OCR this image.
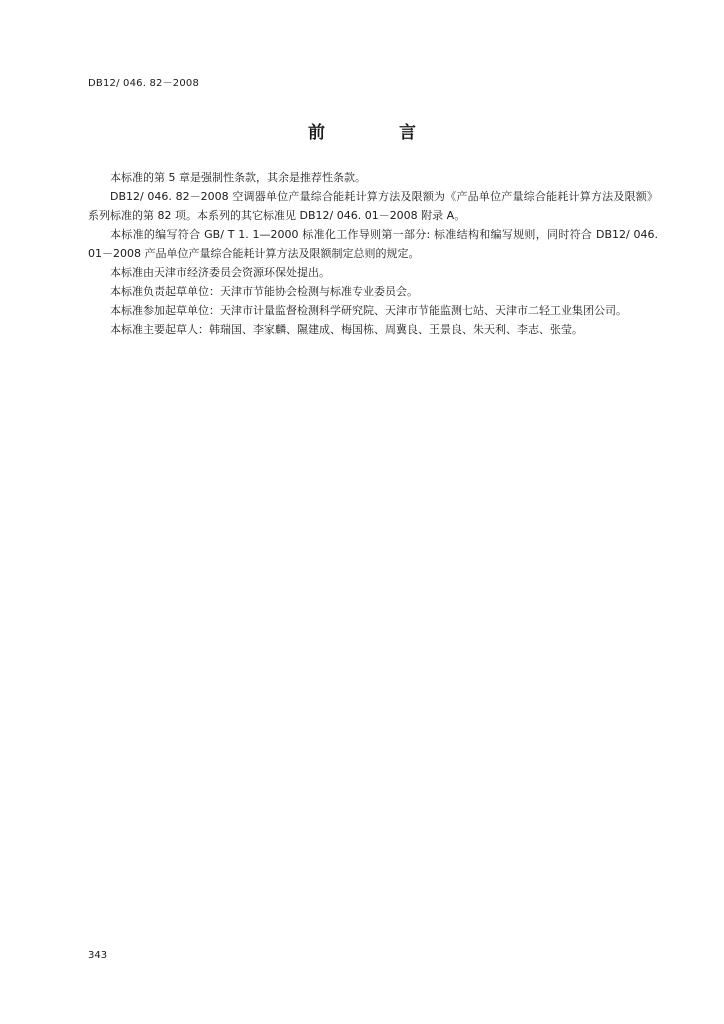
DB12/ 046. 82－2008
前 言

本标准的第 5 章是强制性条款，其余是推荐性条款。

DB12/ 046. 82－2008 空调器单位产量综合能耗计算方法及限额为《产品单位产量综合能耗计算方法及限额》系列标准的第 82 项。本系列的其它标准见 DB12/ 046. 01－2008 附录 A。

本标准的编写符合 GB/ T 1. 1—2000 标准化工作导则第一部分: 标准结构和编写规则，同时符合 DB12/ 046. 01－2008 产品单位产量综合能耗计算方法及限额制定总则的规定。

本标准由天津市经济委员会资源环保处提出。

本标准负责起草单位：天津市节能协会检测与标准专业委员会。

本标准参加起草单位：天津市计量监督检测科学研究院、天津市节能监测七站、天津市二轻工业集团公司。

本标准主要起草人：韩瑞国、李家麟、隰建成、梅国栋、周冀良、王景良、朱天利、李志、张莹。

343
